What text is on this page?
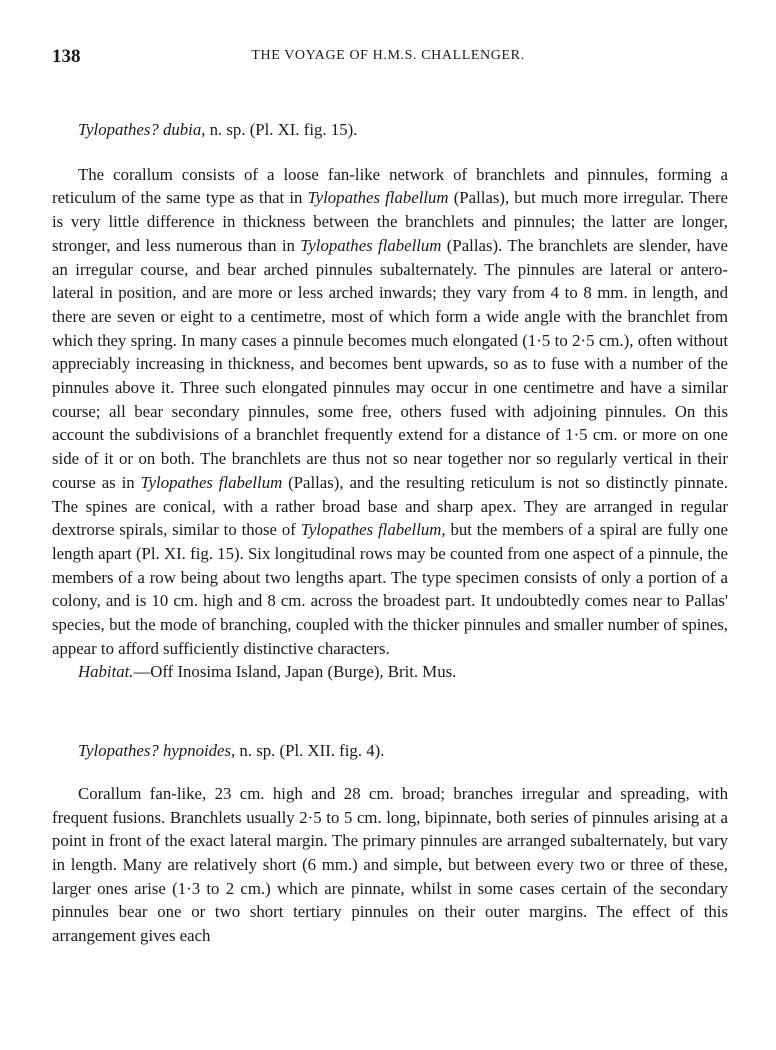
138	THE VOYAGE OF H.M.S. CHALLENGER.

Tylopathes? dubia, n. sp. (Pl. XI. fig. 15).

The corallum consists of a loose fan-like network of branchlets and pinnules, forming a reticulum of the same type as that in Tylopathes flabellum (Pallas), but much more irregular. There is very little difference in thickness between the branchlets and pinnules; the latter are longer, stronger, and less numerous than in Tylopathes flabellum (Pallas). The branchlets are slender, have an irregular course, and bear arched pinnules subalternately. The pinnules are lateral or antero-lateral in position, and are more or less arched inwards; they vary from 4 to 8 mm. in length, and there are seven or eight to a centimetre, most of which form a wide angle with the branchlet from which they spring. In many cases a pinnule becomes much elongated (1·5 to 2·5 cm.), often without appreciably increasing in thickness, and becomes bent upwards, so as to fuse with a number of the pinnules above it. Three such elongated pinnules may occur in one centimetre and have a similar course; all bear secondary pinnules, some free, others fused with adjoining pinnules. On this account the subdivisions of a branchlet frequently extend for a distance of 1·5 cm. or more on one side of it or on both. The branchlets are thus not so near together nor so regularly vertical in their course as in Tylopathes flabellum (Pallas), and the resulting reticulum is not so distinctly pinnate. The spines are conical, with a rather broad base and sharp apex. They are arranged in regular dextrorse spirals, similar to those of Tylopathes flabellum, but the members of a spiral are fully one length apart (Pl. XI. fig. 15). Six longitudinal rows may be counted from one aspect of a pinnule, the members of a row being about two lengths apart. The type specimen consists of only a portion of a colony, and is 10 cm. high and 8 cm. across the broadest part. It undoubtedly comes near to Pallas' species, but the mode of branching, coupled with the thicker pinnules and smaller number of spines, appear to afford sufficiently distinctive characters.

Habitat.—Off Inosima Island, Japan (Burge), Brit. Mus.

Tylopathes? hypnoides, n. sp. (Pl. XII. fig. 4).

Corallum fan-like, 23 cm. high and 28 cm. broad; branches irregular and spreading, with frequent fusions. Branchlets usually 2·5 to 5 cm. long, bipinnate, both series of pinnules arising at a point in front of the exact lateral margin. The primary pinnules are arranged subalternately, but vary in length. Many are relatively short (6 mm.) and simple, but between every two or three of these, larger ones arise (1·3 to 2 cm.) which are pinnate, whilst in some cases certain of the secondary pinnules bear one or two short tertiary pinnules on their outer margins. The effect of this arrangement gives each
